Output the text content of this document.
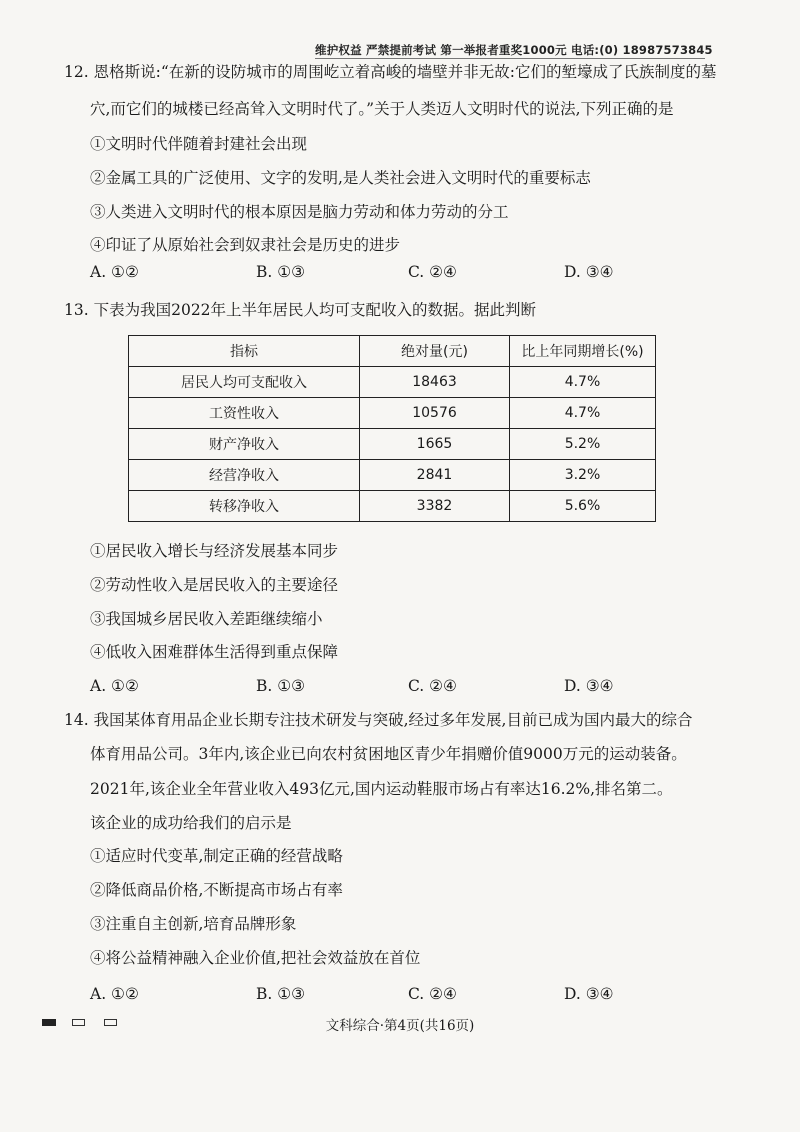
维护权益 严禁提前考试 第一举报者重奖1000元 电话:(0) 18987573845
12. 恩格斯说:“在新的设防城市的周围屹立着高峻的墙壁并非无故:它们的堑壕成了氏族制度的墓
穴,而它们的城楼已经高耸入文明时代了。”关于人类迈人文明时代的说法,下列正确的是
①文明时代伴随着封建社会出现
②金属工具的广泛使用、文字的发明,是人类社会进入文明时代的重要标志
③人类进入文明时代的根本原因是脑力劳动和体力劳动的分工
④印证了从原始社会到奴隶社会是历史的进步
A. ①②	B. ①③	C. ②④	D. ③④
13. 下表为我国2022年上半年居民人均可支配收入的数据。据此判断
指标	绝对量(元)	比上年同期增长(%)
居民人均可支配收入	18463	4.7%
工资性收入	10576	4.7%
财产净收入	1665	5.2%
经营净收入	2841	3.2%
转移净收入	3382	5.6%
①居民收入增长与经济发展基本同步
②劳动性收入是居民收入的主要途径
③我国城乡居民收入差距继续缩小
④低收入困难群体生活得到重点保障
A. ①②	B. ①③	C. ②④	D. ③④
14. 我国某体育用品企业长期专注技术研发与突破,经过多年发展,目前已成为国内最大的综合
体育用品公司。3年内,该企业已向农村贫困地区青少年捐赠价值9000万元的运动装备。
2021年,该企业全年营业收入493亿元,国内运动鞋服市场占有率达16.2%,排名第二。
该企业的成功给我们的启示是
①适应时代变革,制定正确的经营战略
②降低商品价格,不断提高市场占有率
③注重自主创新,培育品牌形象
④将公益精神融入企业价值,把社会效益放在首位
A. ①②	B. ①③	C. ②④	D. ③④
文科综合·第4页(共16页)
